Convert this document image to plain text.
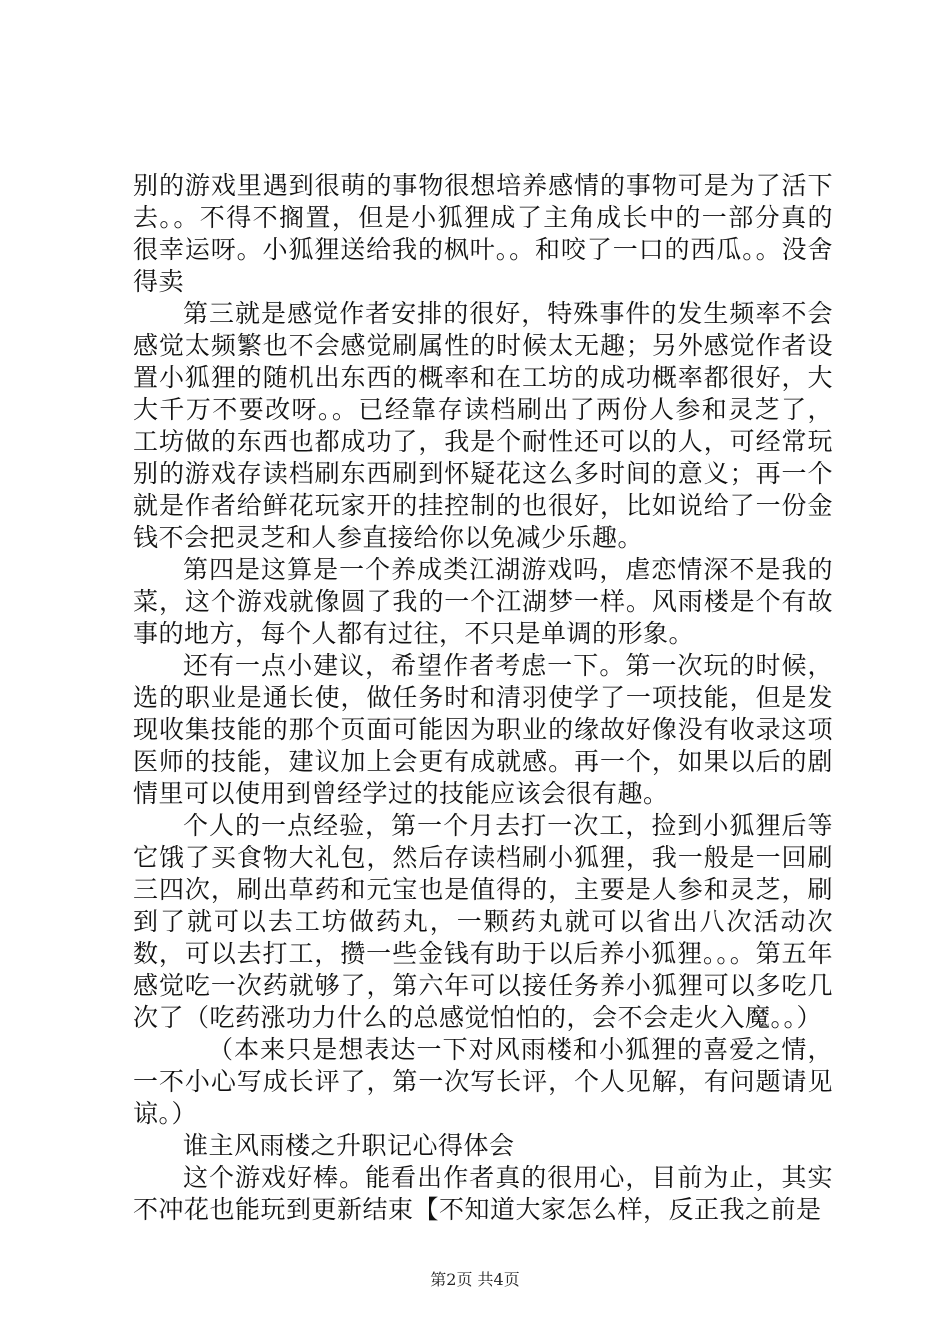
别的游戏里遇到很萌的事物很想培养感情的事物可是为了活下去。。不得不搁置，但是小狐狸成了主角成长中的一部分真的很幸运呀。小狐狸送给我的枫叶。。和咬了一口的西瓜。。没舍得卖

第三就是感觉作者安排的很好，特殊事件的发生频率不会感觉太频繁也不会感觉刷属性的时候太无趣；另外感觉作者设置小狐狸的随机出东西的概率和在工坊的成功概率都很好，大大千万不要改呀。。已经靠存读档刷出了两份人参和灵芝了，工坊做的东西也都成功了，我是个耐性还可以的人，可经常玩别的游戏存读档刷东西刷到怀疑花这么多时间的意义；再一个就是作者给鲜花玩家开的挂控制的也很好，比如说给了一份金钱不会把灵芝和人参直接给你以免减少乐趣。

第四是这算是一个养成类江湖游戏吗，虐恋情深不是我的菜，这个游戏就像圆了我的一个江湖梦一样。风雨楼是个有故事的地方，每个人都有过往，不只是单调的形象。

还有一点小建议，希望作者考虑一下。第一次玩的时候，选的职业是通长使，做任务时和清羽使学了一项技能，但是发现收集技能的那个页面可能因为职业的缘故好像没有收录这项医师的技能，建议加上会更有成就感。再一个，如果以后的剧情里可以使用到曾经学过的技能应该会很有趣。

个人的一点经验，第一个月去打一次工，捡到小狐狸后等它饿了买食物大礼包，然后存读档刷小狐狸，我一般是一回刷三四次，刷出草药和元宝也是值得的，主要是人参和灵芝，刷到了就可以去工坊做药丸，一颗药丸就可以省出八次活动次数，可以去打工，攒一些金钱有助于以后养小狐狸。。。第五年感觉吃一次药就够了，第六年可以接任务养小狐狸可以多吃几次了（吃药涨功力什么的总感觉怕怕的，会不会走火入魔。。）

（本来只是想表达一下对风雨楼和小狐狸的喜爱之情，一不小心写成长评了，第一次写长评，个人见解，有问题请见谅。）

谁主风雨楼之升职记心得体会

这个游戏好棒。能看出作者真的很用心，目前为止，其实不冲花也能玩到更新结束【不知道大家怎么样，反正我之前是

第2页 共4页
